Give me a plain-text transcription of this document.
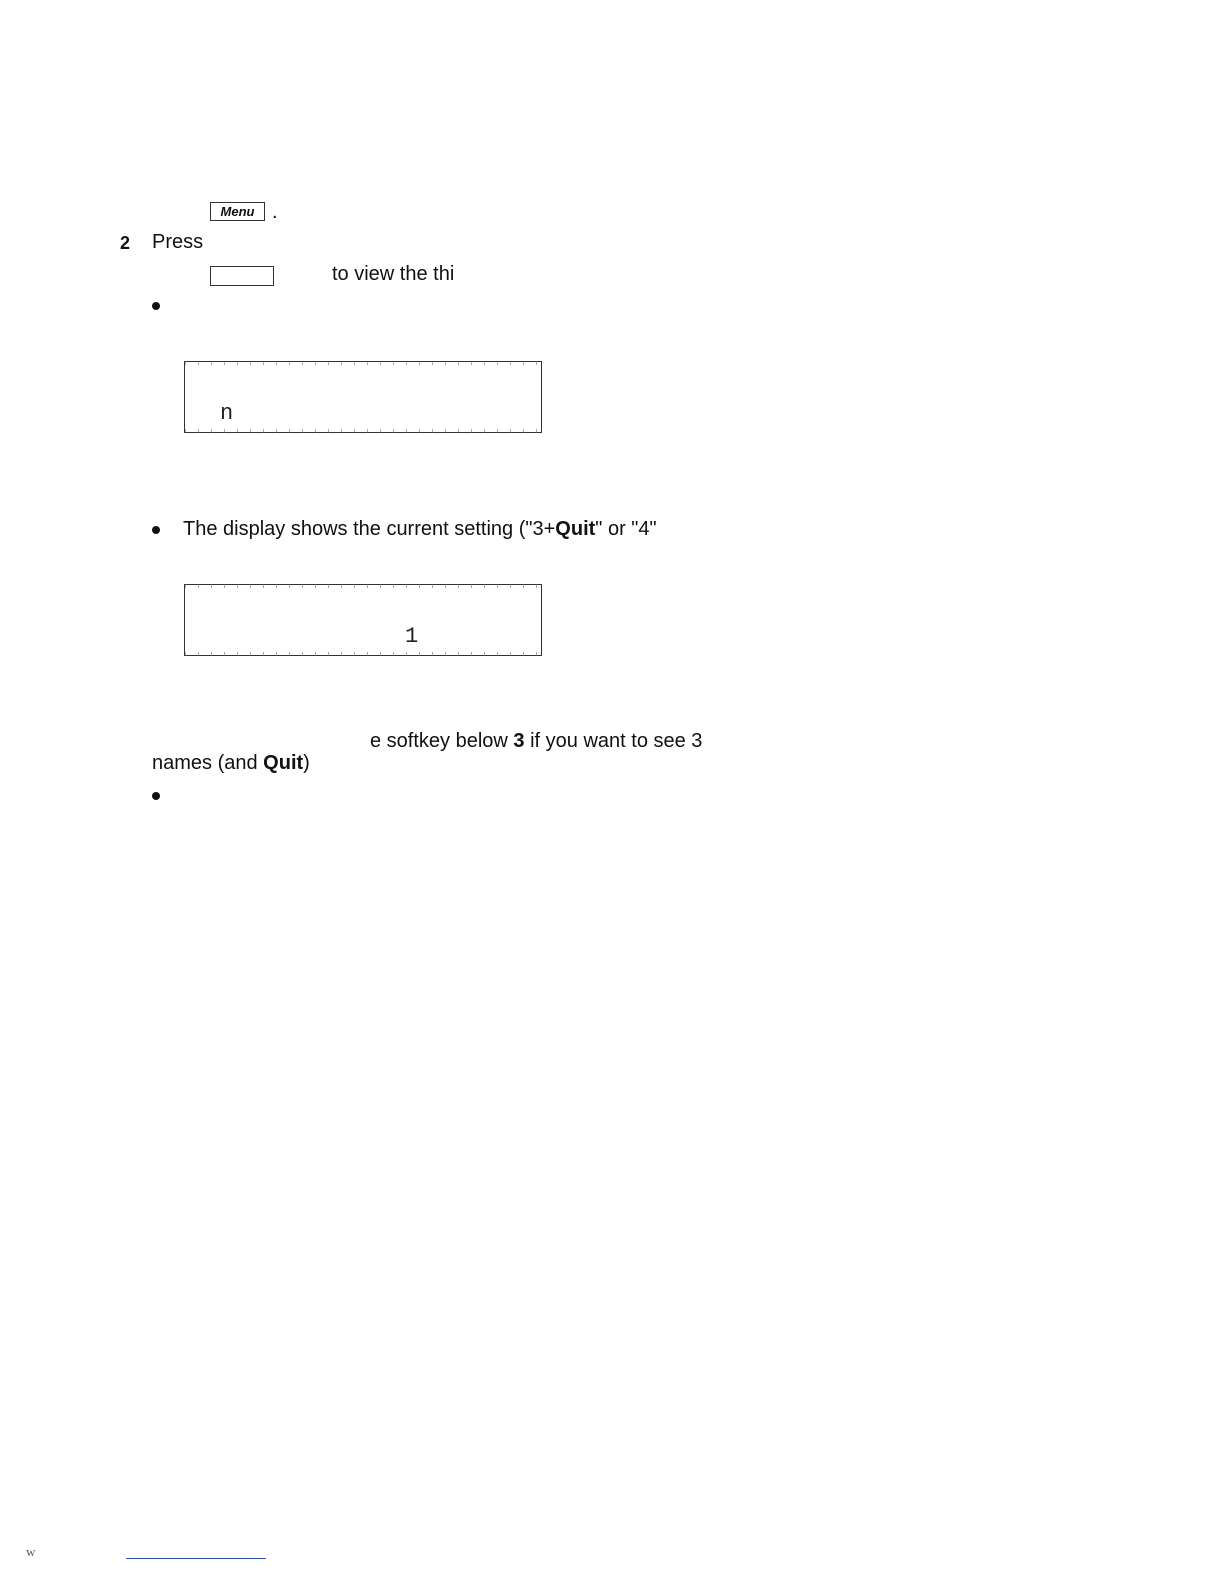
Menu .
2 Press
to view the thi
n
The display shows the current setting ("3+Quit" or "4"
1
e softkey below 3 if you want to see 3
names (and Quit)
w
